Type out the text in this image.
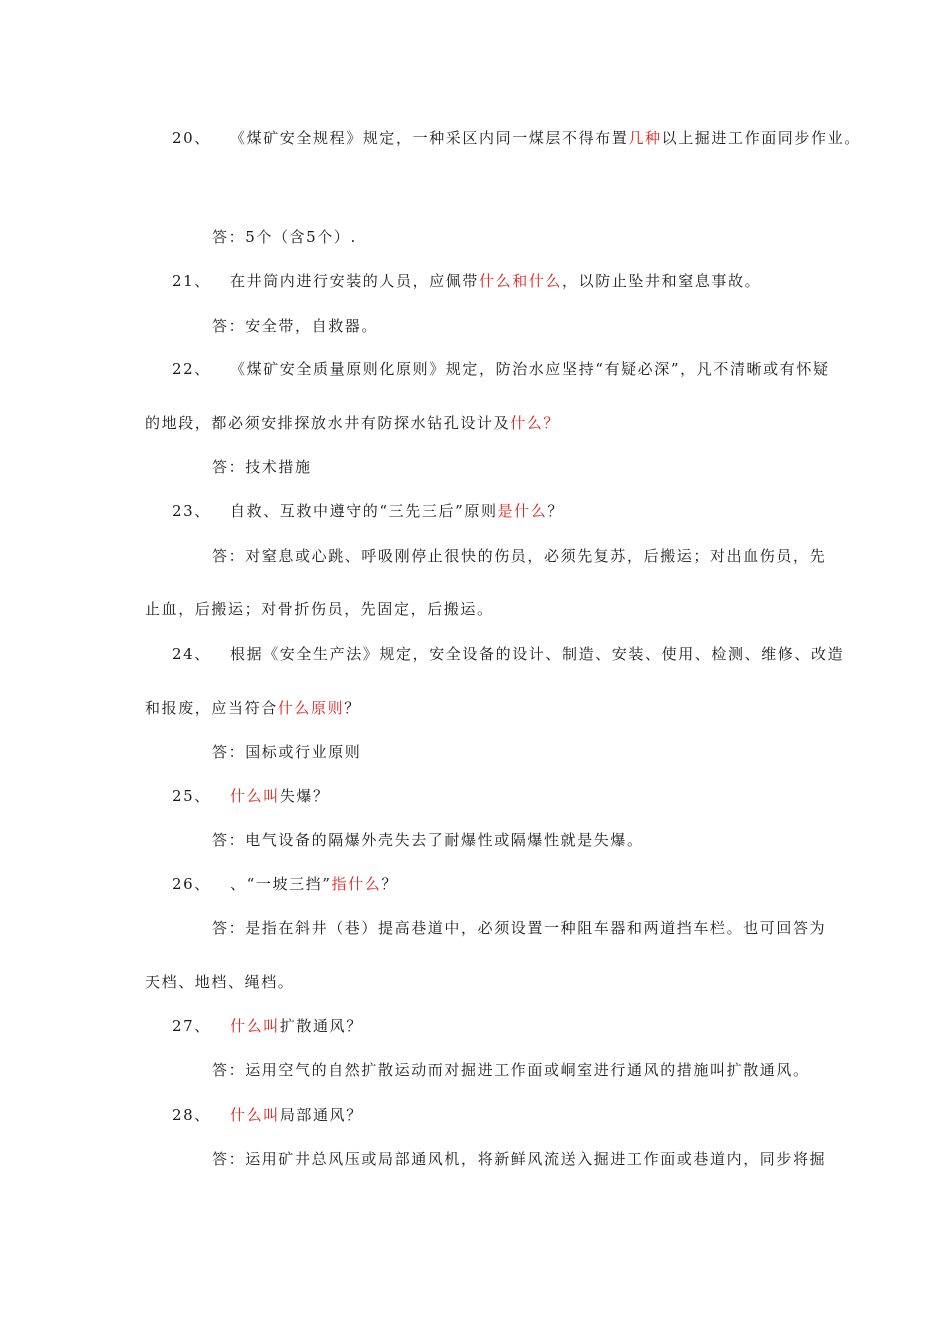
20、 《煤矿安全规程》规定，一种采区内同一煤层不得布置几种以上掘进工作面同步作业。
答：5个（含5个）.
21、 在井筒内进行安装的人员，应佩带什么和什么，以防止坠井和窒息事故。
答：安全带，自救器。
22、 《煤矿安全质量原则化原则》规定，防治水应坚持“有疑必深”，凡不清晰或有怀疑
的地段，都必须安排探放水井有防探水钻孔设计及什么？
答：技术措施
23、 自救、互救中遵守的“三先三后”原则是什么？
答：对窒息或心跳、呼吸刚停止很快的伤员，必须先复苏，后搬运；对出血伤员，先
止血，后搬运；对骨折伤员，先固定，后搬运。
24、 根据《安全生产法》规定，安全设备的设计、制造、安装、使用、检测、维修、改造
和报废，应当符合什么原则？
答：国标或行业原则
25、 什么叫失爆？
答：电气设备的隔爆外壳失去了耐爆性或隔爆性就是失爆。
26、 、“一坡三挡”指什么？
答：是指在斜井（巷）提高巷道中，必须设置一种阻车器和两道挡车栏。也可回答为
天档、地档、绳档。
27、 什么叫扩散通风？
答：运用空气的自然扩散运动而对掘进工作面或峒室进行通风的措施叫扩散通风。
28、 什么叫局部通风？
答：运用矿井总风压或局部通风机，将新鲜风流送入掘进工作面或巷道内，同步将掘
